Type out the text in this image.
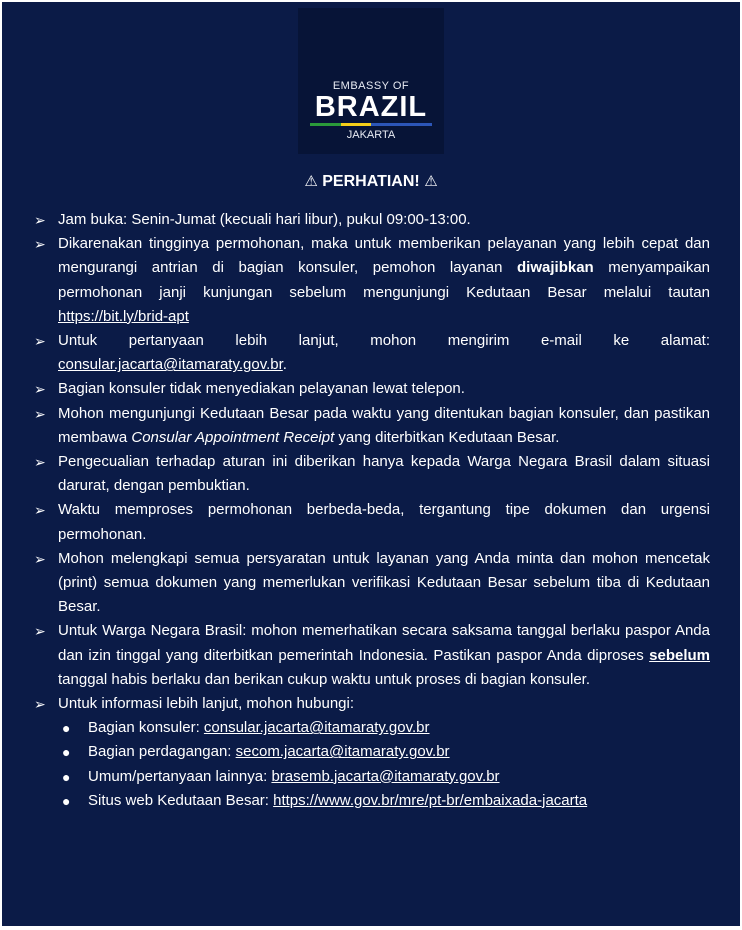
EMBASSY OF
BRAZIL
JAKARTA
⚠ PERHATIAN! ⚠
➢ Jam buka: Senin-Jumat (kecuali hari libur), pukul 09:00-13:00.
➢ Dikarenakan tingginya permohonan, maka untuk memberikan pelayanan yang lebih cepat dan mengurangi antrian di bagian konsuler, pemohon layanan diwajibkan menyampaikan permohonan janji kunjungan sebelum mengunjungi Kedutaan Besar melalui tautan https://bit.ly/brid-apt
➢ Untuk pertanyaan lebih lanjut, mohon mengirim e-mail ke alamat: consular.jacarta@itamaraty.gov.br.
➢ Bagian konsuler tidak menyediakan pelayanan lewat telepon.
➢ Mohon mengunjungi Kedutaan Besar pada waktu yang ditentukan bagian konsuler, dan pastikan membawa Consular Appointment Receipt yang diterbitkan Kedutaan Besar.
➢ Pengecualian terhadap aturan ini diberikan hanya kepada Warga Negara Brasil dalam situasi darurat, dengan pembuktian.
➢ Waktu memproses permohonan berbeda-beda, tergantung tipe dokumen dan urgensi permohonan.
➢ Mohon melengkapi semua persyaratan untuk layanan yang Anda minta dan mohon mencetak (print) semua dokumen yang memerlukan verifikasi Kedutaan Besar sebelum tiba di Kedutaan Besar.
➢ Untuk Warga Negara Brasil: mohon memerhatikan secara saksama tanggal berlaku paspor Anda dan izin tinggal yang diterbitkan pemerintah Indonesia. Pastikan paspor Anda diproses sebelum tanggal habis berlaku dan berikan cukup waktu untuk proses di bagian konsuler.
➢ Untuk informasi lebih lanjut, mohon hubungi:
●	Bagian konsuler: consular.jacarta@itamaraty.gov.br
●	Bagian perdagangan: secom.jacarta@itamaraty.gov.br
●	Umum/pertanyaan lainnya: brasemb.jacarta@itamaraty.gov.br
●	Situs web Kedutaan Besar: https://www.gov.br/mre/pt-br/embaixada-jacarta
